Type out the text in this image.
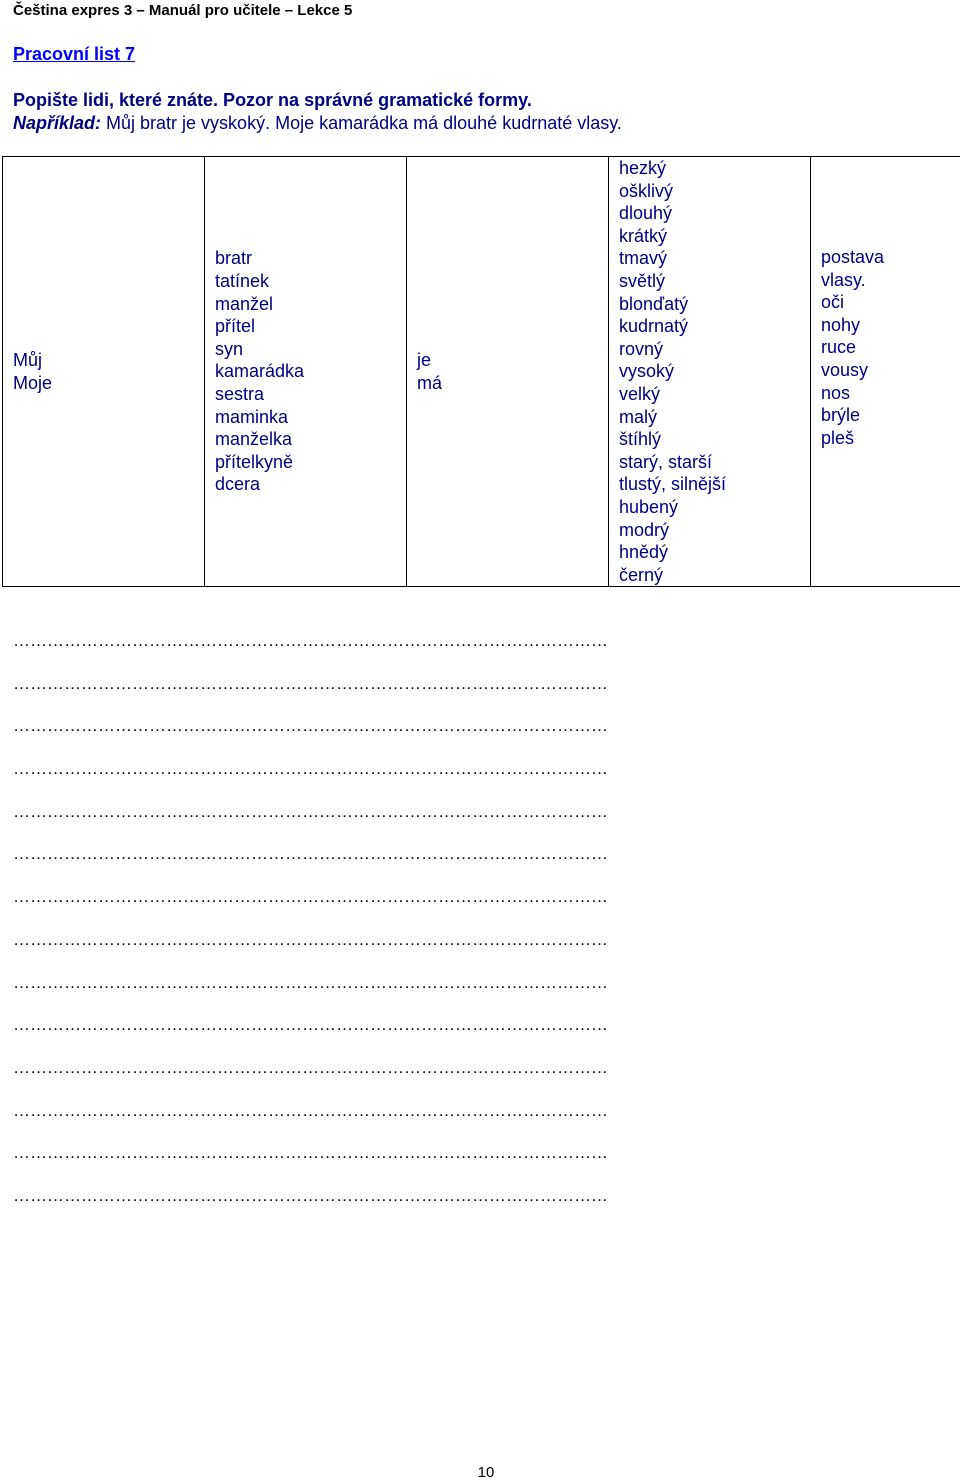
Čeština expres 3 – Manuál pro učitele – Lekce 5
Pracovní list 7
Popište lidi, které znáte. Pozor na správné gramatické formy.
Například: Můj bratr je vyskoký. Moje kamarádka má dlouhé kudrnaté vlasy.
Můj
Moje

bratr
tatínek
manžel
přítel
syn
kamarádka
sestra
maminka
manželka
přítelkyně
dcera

je
má

hezký
ošklivý
dlouhý
krátký
tmavý
světlý
blonďatý
kudrnatý
rovný
vysoký
velký
malý
štíhlý
starý, starší
tlustý, silnější
hubený
modrý
hnědý
černý

postava
vlasy.
oči
nohy
ruce
vousy
nos
brýle
pleš
……………………………………………………………………………………………
……………………………………………………………………………………………
……………………………………………………………………………………………
……………………………………………………………………………………………
……………………………………………………………………………………………
……………………………………………………………………………………………
……………………………………………………………………………………………
……………………………………………………………………………………………
……………………………………………………………………………………………
……………………………………………………………………………………………
……………………………………………………………………………………………
……………………………………………………………………………………………
……………………………………………………………………………………………
……………………………………………………………………………………………
10
